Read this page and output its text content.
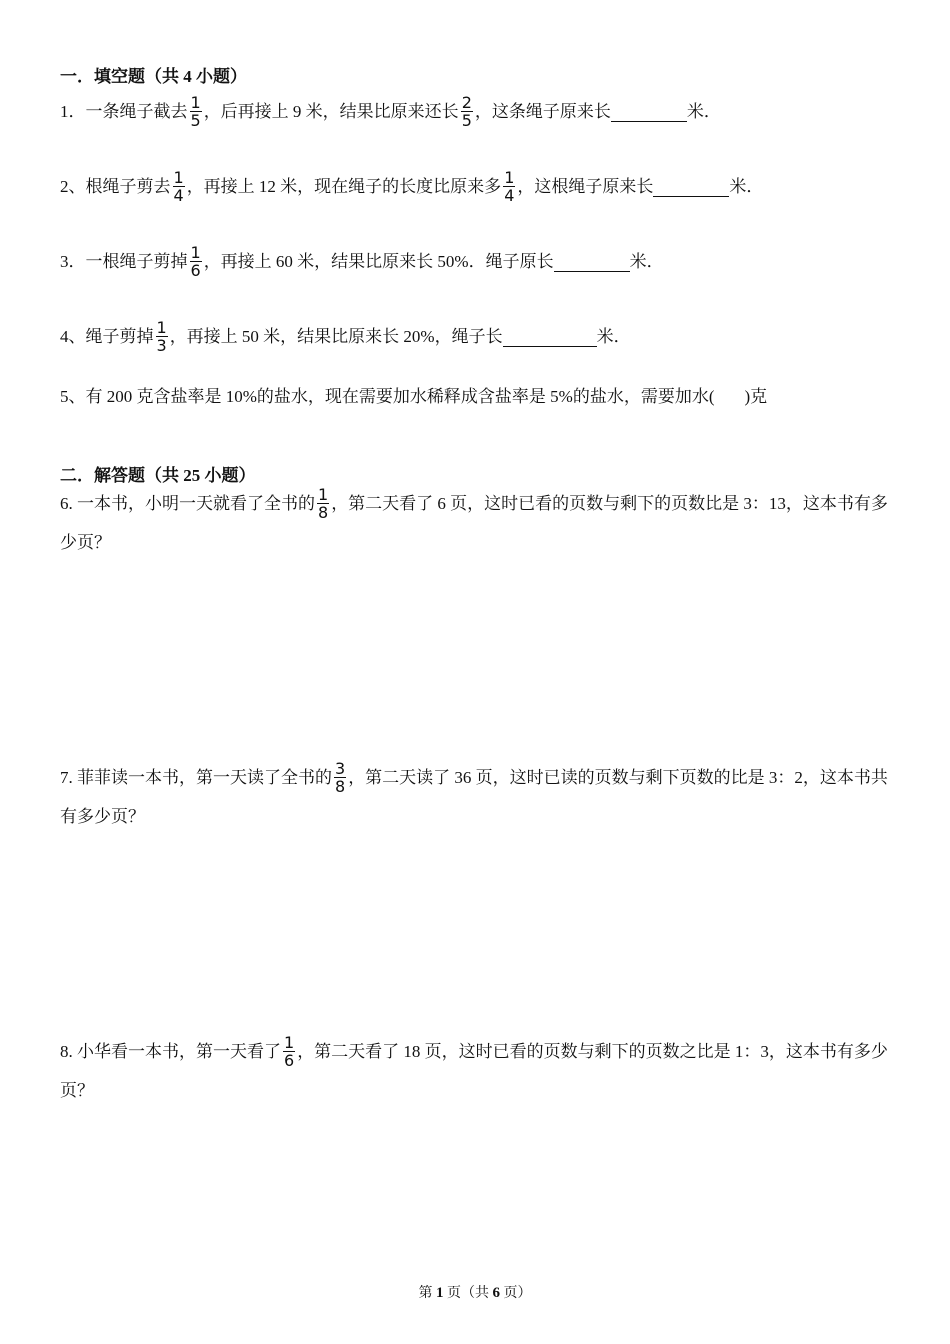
一．填空题（共 4 小题）
1．一条绳子截去 $\frac{1}{5}$ ，后再接上 9 米，结果比原来还长 $\frac{2}{5}$ ，这条绳子原来长	米．
2、根绳子剪去 $\frac{1}{4}$ ，再接上 12 米，现在绳子的长度比原来多 $\frac{1}{4}$ ，这根绳子原来长	米．
3．一根绳子剪掉 $\frac{1}{6}$ ，再接上 60 米，结果比原来长 50%．绳子原长	米．
4、绳子剪掉 $\frac{1}{3}$ ，再接上 50 米，结果比原来长 20%，绳子长	米．
5、有 200 克含盐率是 10%的盐水，现在需要加水稀释成含盐率是 5%的盐水，需要加水( )克
二．解答题（共 25 小题）
6. 一本书，小明一天就看了全书的 $\frac{1}{8}$ ，第二天看了 6 页，这时已看的页数与剩下的页数比是 3：13，这本书有多少页？
7. 菲菲读一本书，第一天读了全书的 $\frac{3}{8}$ ，第二天读了 36 页，这时已读的页数与剩下页数的比是 3：2，这本书共有多少页？
8. 小华看一本书，第一天看了 $\frac{1}{6}$ ，第二天看了 18 页，这时已看的页数与剩下的页数之比是 1：3，这本书有多少页？
第 1 页（共 6 页）
